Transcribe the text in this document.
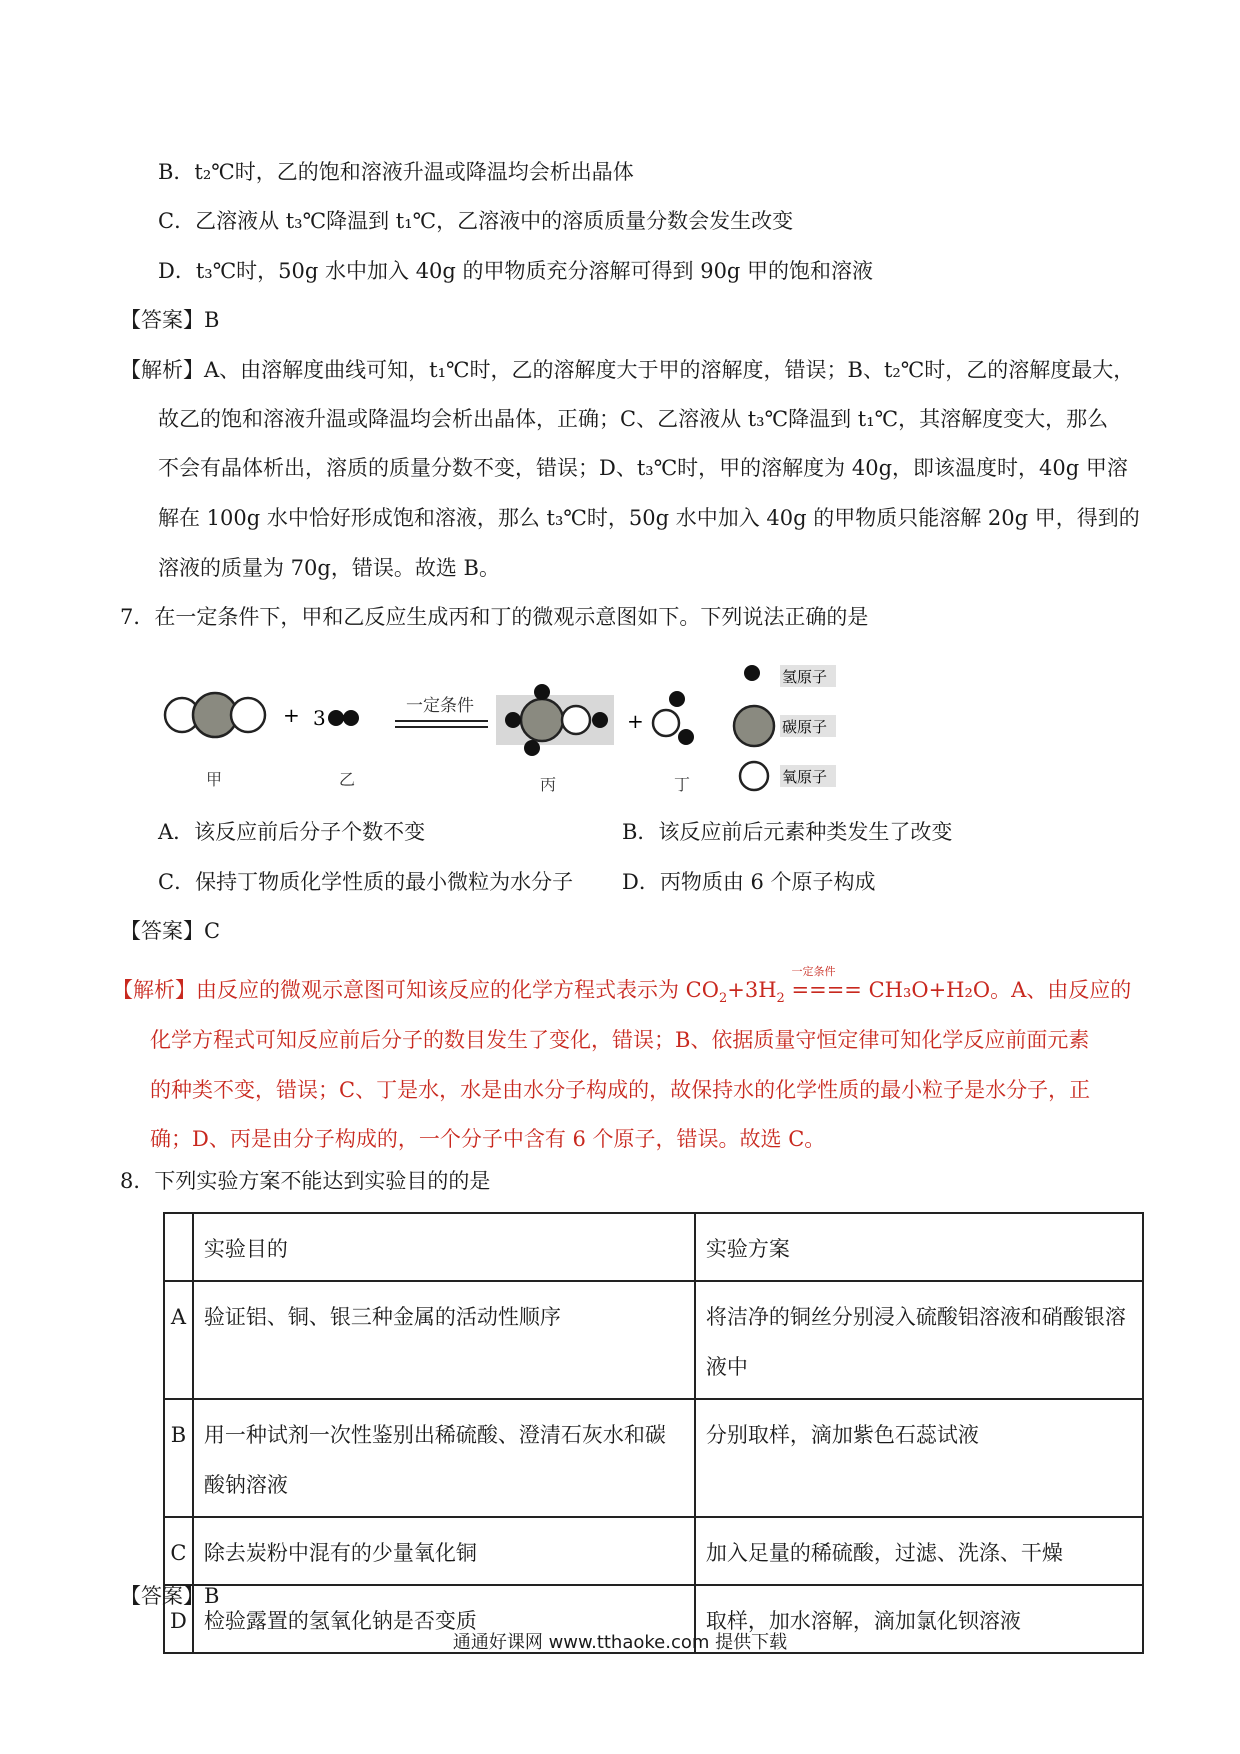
B．t₂℃时，乙的饱和溶液升温或降温均会析出晶体
C．乙溶液从 t₃℃降温到 t₁℃，乙溶液中的溶质质量分数会发生改变
D．t₃℃时，50g 水中加入 40g 的甲物质充分溶解可得到 90g 甲的饱和溶液
【答案】B
【解析】A、由溶解度曲线可知，t₁℃时，乙的溶解度大于甲的溶解度，错误；B、t₂℃时，乙的溶解度最大，
故乙的饱和溶液升温或降温均会析出晶体，正确；C、乙溶液从 t₃℃降温到 t₁℃，其溶解度变大，那么
不会有晶体析出，溶质的质量分数不变，错误；D、t₃℃时，甲的溶解度为 40g，即该温度时，40g 甲溶
解在 100g 水中恰好形成饱和溶液，那么 t₃℃时，50g 水中加入 40g 的甲物质只能溶解 20g 甲，得到的
溶液的质量为 70g，错误。故选 B。
7．在一定条件下，甲和乙反应生成丙和丁的微观示意图如下。下列说法正确的是
+ 3	一定条件
+
氢原子
碳原子
氧原子
甲	乙	丙	丁
A．该反应前后分子个数不变	B．该反应前后元素种类发生了改变
C．保持丁物质化学性质的最小微粒为水分子 D．丙物质由 6 个原子构成
【答案】C
【解析】由反应的微观示意图可知该反应的化学方程式表示为 $CO_2+3H_2$
一定条件
==== CH₃O+H₂O。A、由反应的
化学方程式可知反应前后分子的数目发生了变化，错误；B、依据质量守恒定律可知化学反应前面元素
的种类不变，错误；C、丁是水，水是由水分子构成的，故保持水的化学性质的最小粒子是水分子，正
确；D、丙是由分子构成的，一个分子中含有 6 个原子，错误。故选 C。
8．下列实验方案不能达到实验目的的是
	实验目的	实验方案
A	验证铝、铜、银三种金属的活动性顺序	将洁净的铜丝分别浸入硫酸铝溶液和硝酸银溶液中
B	用一种试剂一次性鉴别出稀硫酸、澄清石灰水和碳酸钠溶液	分别取样，滴加紫色石蕊试液
C	除去炭粉中混有的少量氧化铜	加入足量的稀硫酸，过滤、洗涤、干燥
D	检验露置的氢氧化钠是否变质	取样，加水溶解，滴加氯化钡溶液
【答案】B
通通好课网 www.tthaoke.com 提供下载
